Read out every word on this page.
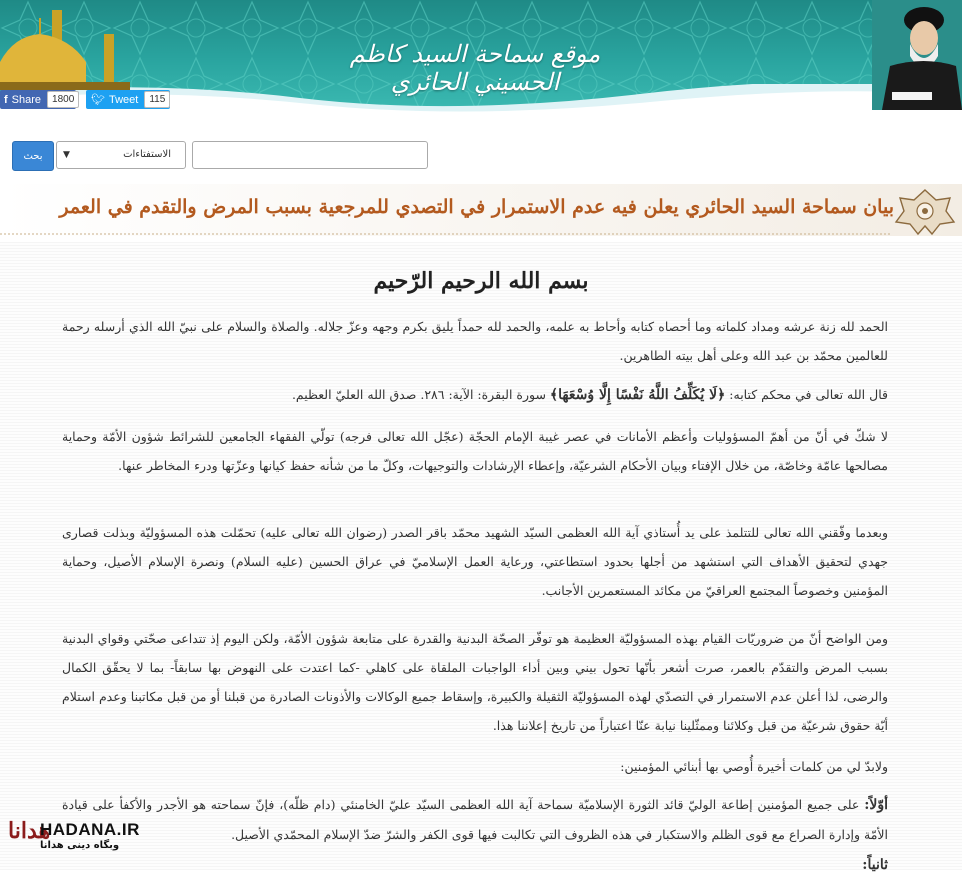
موقع سماحة السيد كاظم الحسيني الحائري
f Share	1800	🐦︎ Tweet	115
بحث	▼	الاستفتاءات
بيان سماحة السيد الحائري يعلن فيه عدم الاستمرار في التصدي للمرجعية بسبب المرض والتقدم في العمر
بسم الله الرحيم الرّحيم
الحمد لله زنة عرشه ومداد كلماته وما أحصاه كتابه وأحاط به علمه، والحمد لله حمداً يليق بكرم وجهه وعزّ جلاله. والصلاة والسلام على نبيّ الله الذي أرسله رحمة للعالمين محمّد بن عبد الله وعلى أهل بيته الطاهرين.
قال الله تعالى في محكم كتابه: ﴿لَا يُكَلِّفُ اللَّهُ نَفْسًا إِلَّا وُسْعَهَا﴾ سورة البقرة: الآية: ٢٨٦. صدق الله العليّ العظيم.
لا شكّ في أنّ من أهمّ المسؤوليات وأعظم الأمانات في عصر غيبة الإمام الحجّة (عجّل الله تعالى فرجه) تولّي الفقهاء الجامعين للشرائط شؤون الأمّة وحماية مصالحها عامّة وخاصّة، من خلال الإفتاء وبيان الأحكام الشرعيّة، وإعطاء الإرشادات والتوجيهات، وكلّ ما من شأنه حفظ كيانها وعزّتها ودرء المخاطر عنها.
وبعدما وفّقني الله تعالى للتتلمذ على يد أُستاذي آية الله العظمى السيّد الشهيد محمّد باقر الصدر (رضوان الله تعالى عليه) تحمّلت هذه المسؤوليّة وبذلت قصارى جهدي لتحقيق الأهداف التي استشهد من أجلها بحدود استطاعتي، ورعاية العمل الإسلاميّ في عراق الحسين (عليه السلام) ونصرة الإسلام الأصيل، وحماية المؤمنين وخصوصاً المجتمع العراقيّ من مكائد المستعمرين الأجانب.
ومن الواضح أنّ من ضروريّات القيام بهذه المسؤوليّة العظيمة هو توفّر الصحّة البدنية والقدرة على متابعة شؤون الأمّة، ولكن اليوم إذ تتداعى صحّتي وقواي البدنية بسبب المرض والتقدّم بالعمر، صرت أشعر بأنّها تحول بيني وبين أداء الواجبات الملقاة على كاهلي -كما اعتدت على النهوض بها سابقاً- بما لا يحقّق الكمال والرضى، لذا أعلن عدم الاستمرار في التصدّي لهذه المسؤوليّة الثقيلة والكبيرة، وإسقاط جميع الوكالات والأذونات الصادرة من قبلنا أو من قبل مكاتبنا وعدم استلام أيّة حقوق شرعيّة من قبل وكلائنا وممثّلينا نيابة عنّا اعتباراً من تاريخ إعلاننا هذا.
ولابدّ لي من كلمات أخيرة أُوصي بها أبنائي المؤمنين:
أوّلاً: على جميع المؤمنين إطاعة الوليّ قائد الثورة الإسلاميّة سماحة آية الله العظمى السيّد عليّ الخامنئي (دام ظلّه)، فإنّ سماحته هو الأجدر والأكفأ على قيادة الأمّة وإدارة الصراع مع قوى الظلم والاستكبار في هذه الظروف التي تكالبت فيها قوى الكفر والشرّ ضدّ الإسلام المحمّدي الأصيل.
ثانياً:
هدانا
HADANA.IR
وبگاه دینی هدانا
